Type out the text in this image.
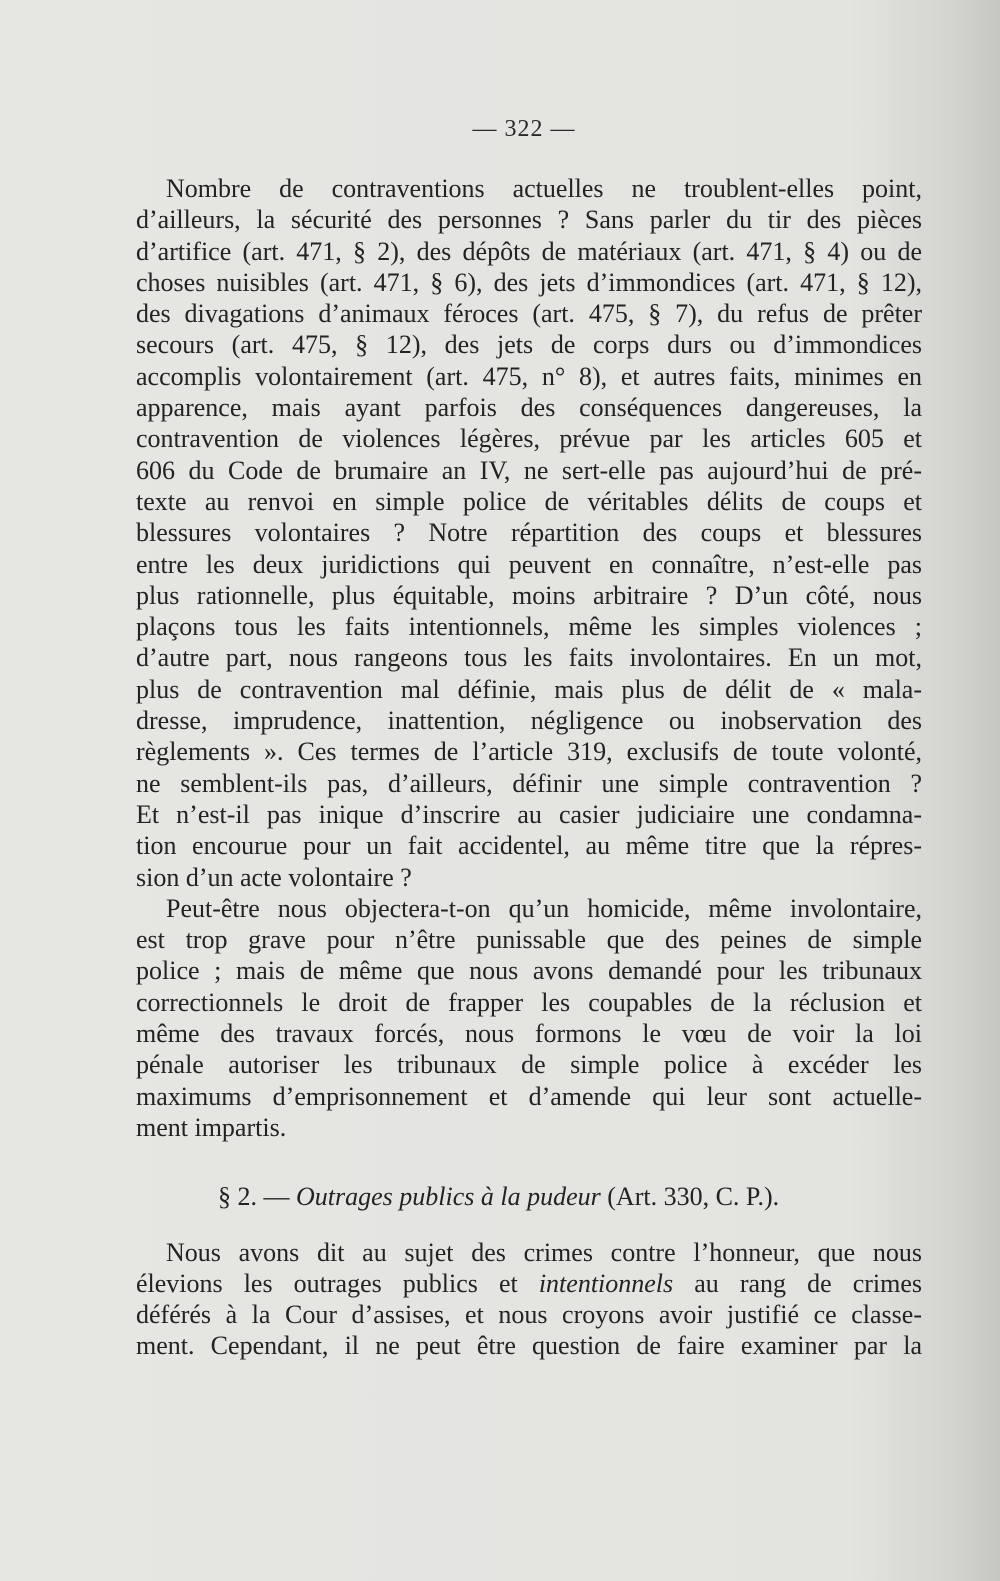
— 322 —
Nombre de contraventions actuelles ne troublent-elles point,
d’ailleurs, la sécurité des personnes ? Sans parler du tir des pièces
d’artifice (art. 471, § 2), des dépôts de matériaux (art. 471, § 4) ou de
choses nuisibles (art. 471, § 6), des jets d’immondices (art. 471, § 12),
des divagations d’animaux féroces (art. 475, § 7), du refus de prêter
secours (art. 475, § 12), des jets de corps durs ou d’immondices
accomplis volontairement (art. 475, n° 8), et autres faits, minimes en
apparence, mais ayant parfois des conséquences dangereuses, la
contravention de violences légères, prévue par les articles 605 et
606 du Code de brumaire an IV, ne sert-elle pas aujourd’hui de pré-
texte au renvoi en simple police de véritables délits de coups et
blessures volontaires ? Notre répartition des coups et blessures
entre les deux juridictions qui peuvent en connaître, n’est-elle pas
plus rationnelle, plus équitable, moins arbitraire ? D’un côté, nous
plaçons tous les faits intentionnels, même les simples violences ;
d’autre part, nous rangeons tous les faits involontaires. En un mot,
plus de contravention mal définie, mais plus de délit de « mala-
dresse, imprudence, inattention, négligence ou inobservation des
règlements ». Ces termes de l’article 319, exclusifs de toute volonté,
ne semblent-ils pas, d’ailleurs, définir une simple contravention ?
Et n’est-il pas inique d’inscrire au casier judiciaire une condamna-
tion encourue pour un fait accidentel, au même titre que la répres-
sion d’un acte volontaire ?
Peut-être nous objectera-t-on qu’un homicide, même involontaire,
est trop grave pour n’être punissable que des peines de simple
police ; mais de même que nous avons demandé pour les tribunaux
correctionnels le droit de frapper les coupables de la réclusion et
même des travaux forcés, nous formons le vœu de voir la loi
pénale autoriser les tribunaux de simple police à excéder les
maximums d’emprisonnement et d’amende qui leur sont actuelle-
ment impartis.
§ 2. — Outrages publics à la pudeur (Art. 330, C. P.).
Nous avons dit au sujet des crimes contre l’honneur, que nous
élevions les outrages publics et intentionnels au rang de crimes
déférés à la Cour d’assises, et nous croyons avoir justifié ce classe-
ment. Cependant, il ne peut être question de faire examiner par la
